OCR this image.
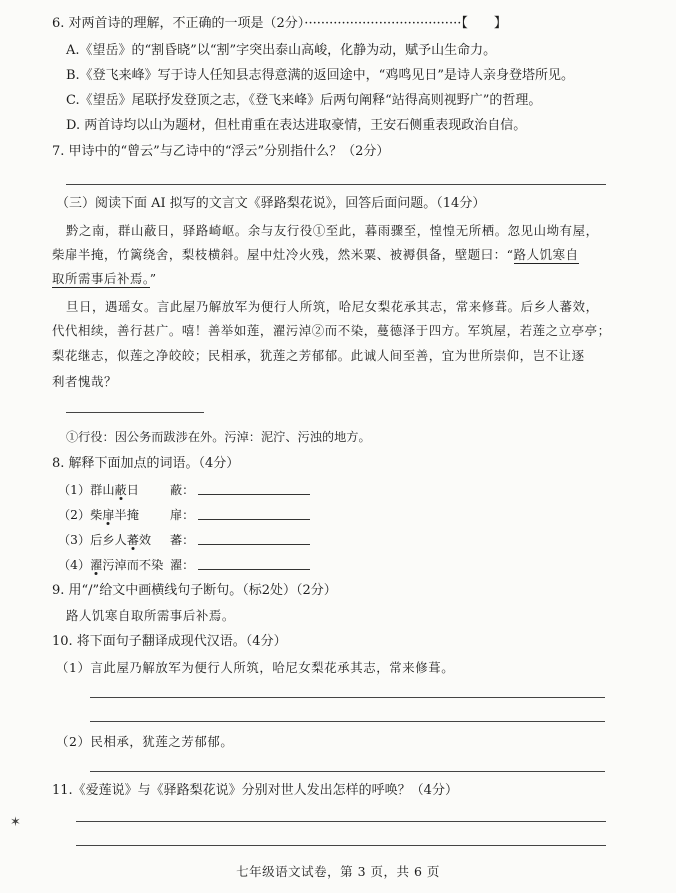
6. 对两首诗的理解，不正确的一项是（2分）······································【　　】
A.《望岳》的“割昏晓”以“割”字突出泰山高峻，化静为动，赋予山生命力。
B.《登飞来峰》写于诗人任知县志得意满的返回途中，“鸡鸣见日”是诗人亲身登塔所见。
C.《望岳》尾联抒发登顶之志，《登飞来峰》后两句阐释“站得高则视野广”的哲理。
D. 两首诗均以山为题材，但杜甫重在表达进取豪情，王安石侧重表现政治自信。
7. 甲诗中的“曾云”与乙诗中的“浮云”分别指什么？（2分）
（三）阅读下面 AI 拟写的文言文《驿路梨花说》，回答后面问题。（14分）
黔之南，群山蔽日，驿路崎岖。余与友行役①至此，暮雨骤至，惶惶无所栖。忽见山坳有屋，
柴扉半掩，竹篱绕舍，梨枝横斜。屋中灶冷火残，然米粟、被褥俱备，壁题曰：“路人饥寒自
取所需事后补焉。”
旦日，遇瑶女。言此屋乃解放军为便行人所筑，哈尼女梨花承其志，常来修葺。后乡人蕃效，
代代相续，善行甚广。嘻！善举如莲，濯污淖②而不染，蔓德泽于四方。军筑屋，若莲之立亭亭；
梨花继志，似莲之净皎皎；民相承，犹莲之芳郁郁。此诚人间至善，宜为世所崇仰，岂不让逐
利者愧哉？
①行役：因公务而跋涉在外。污淖：泥泞、污浊的地方。
8. 解释下面加点的词语。（4分）
（1）群山蔽日	蔽：
（2）柴扉半掩	扉：
（3）后乡人蕃效 蕃：
（4）濯污淖而不染 濯：
9. 用“/”给文中画横线句子断句。（标2处）（2分）
路人饥寒自取所需事后补焉。
10. 将下面句子翻译成现代汉语。（4分）
（1）言此屋乃解放军为便行人所筑，哈尼女梨花承其志，常来修葺。
（2）民相承，犹莲之芳郁郁。
11.《爱莲说》与《驿路梨花说》分别对世人发出怎样的呼唤？（4分）
✶
七年级语文试卷，第 3 页，共 6 页
